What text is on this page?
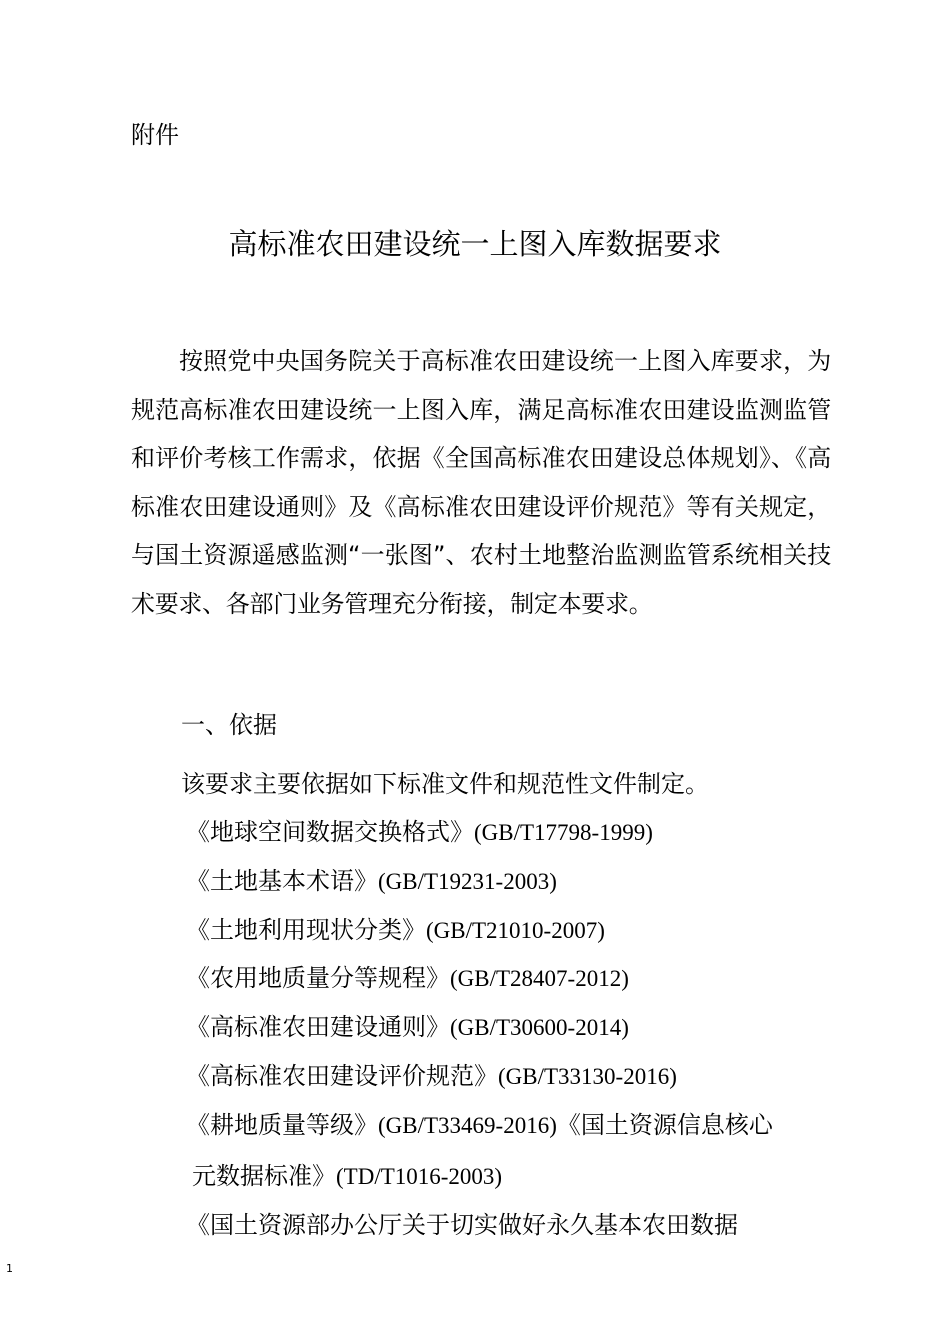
附件
高标准农田建设统一上图入库数据要求

按照党中央国务院关于高标准农田建设统一上图入库要求，为规范高标准农田建设统一上图入库，满足高标准农田建设监测监管和评价考核工作需求，依据《全国高标准农田建设总体规划》、《高标准农田建设通则》及《高标准农田建设评价规范》等有关规定，与国土资源遥感监测“一张图”、农村土地整治监测监管系统相关技术要求、各部门业务管理充分衔接，制定本要求。

一、依据
该要求主要依据如下标准文件和规范性文件制定。
《地球空间数据交换格式》(GB/T17798-1999)
《土地基本术语》(GB/T19231-2003)
《土地利用现状分类》(GB/T21010-2007)
《农用地质量分等规程》(GB/T28407-2012)
《高标准农田建设通则》(GB/T30600-2014)
《高标准农田建设评价规范》(GB/T33130-2016)
《耕地质量等级》(GB/T33469-2016)《国土资源信息核心
元数据标准》(TD/T1016-2003)
《国土资源部办公厅关于切实做好永久基本农田数据
1
